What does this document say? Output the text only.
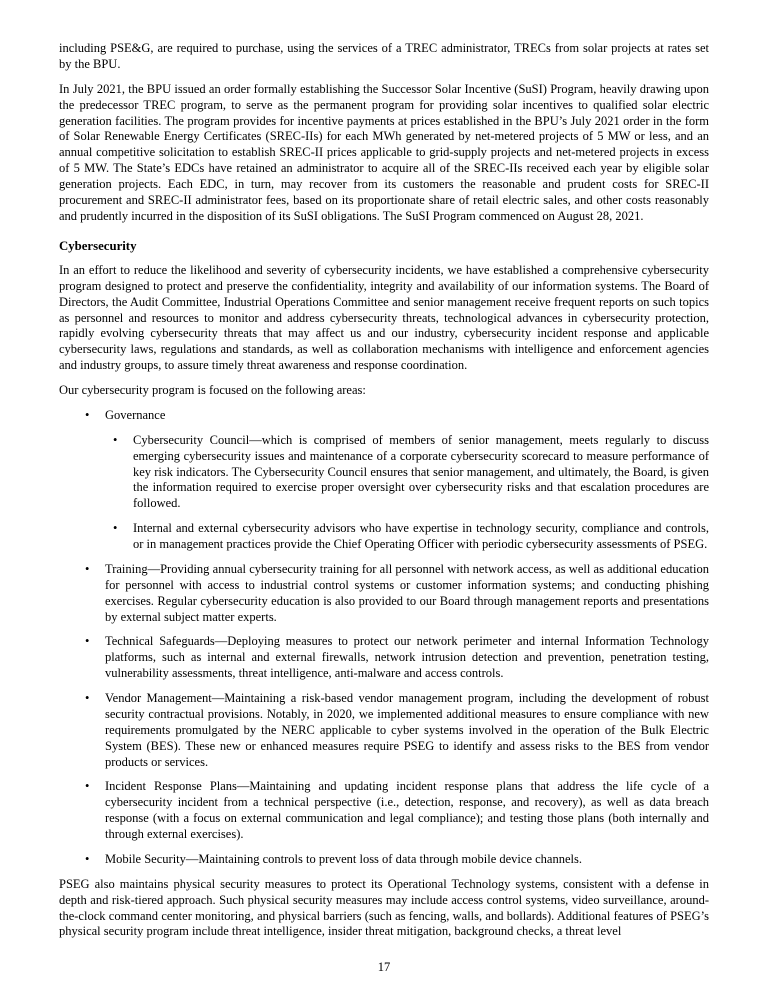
including PSE&G, are required to purchase, using the services of a TREC administrator, TRECs from solar projects at rates set by the BPU.

In July 2021, the BPU issued an order formally establishing the Successor Solar Incentive (SuSI) Program, heavily drawing upon the predecessor TREC program, to serve as the permanent program for providing solar incentives to qualified solar electric generation facilities. The program provides for incentive payments at prices established in the BPU’s July 2021 order in the form of Solar Renewable Energy Certificates (SREC-IIs) for each MWh generated by net-metered projects of 5 MW or less, and an annual competitive solicitation to establish SREC-II prices applicable to grid-supply projects and net-metered projects in excess of 5 MW. The State’s EDCs have retained an administrator to acquire all of the SREC-IIs received each year by eligible solar generation projects. Each EDC, in turn, may recover from its customers the reasonable and prudent costs for SREC-II procurement and SREC-II administrator fees, based on its proportionate share of retail electric sales, and other costs reasonably and prudently incurred in the disposition of its SuSI obligations. The SuSI Program commenced on August 28, 2021.

Cybersecurity

In an effort to reduce the likelihood and severity of cybersecurity incidents, we have established a comprehensive cybersecurity program designed to protect and preserve the confidentiality, integrity and availability of our information systems. The Board of Directors, the Audit Committee, Industrial Operations Committee and senior management receive frequent reports on such topics as personnel and resources to monitor and address cybersecurity threats, technological advances in cybersecurity protection, rapidly evolving cybersecurity threats that may affect us and our industry, cybersecurity incident response and applicable cybersecurity laws, regulations and standards, as well as collaboration mechanisms with intelligence and enforcement agencies and industry groups, to assure timely threat awareness and response coordination.

Our cybersecurity program is focused on the following areas:

•	Governance

•	Cybersecurity Council—which is comprised of members of senior management, meets regularly to discuss emerging cybersecurity issues and maintenance of a corporate cybersecurity scorecard to measure performance of key risk indicators. The Cybersecurity Council ensures that senior management, and ultimately, the Board, is given the information required to exercise proper oversight over cybersecurity risks and that escalation procedures are followed.

•	Internal and external cybersecurity advisors who have expertise in technology security, compliance and controls, or in management practices provide the Chief Operating Officer with periodic cybersecurity assessments of PSEG.

•	Training—Providing annual cybersecurity training for all personnel with network access, as well as additional education for personnel with access to industrial control systems or customer information systems; and conducting phishing exercises. Regular cybersecurity education is also provided to our Board through management reports and presentations by external subject matter experts.

•	Technical Safeguards—Deploying measures to protect our network perimeter and internal Information Technology platforms, such as internal and external firewalls, network intrusion detection and prevention, penetration testing, vulnerability assessments, threat intelligence, anti-malware and access controls.

•	Vendor Management—Maintaining a risk-based vendor management program, including the development of robust security contractual provisions. Notably, in 2020, we implemented additional measures to ensure compliance with new requirements promulgated by the NERC applicable to cyber systems involved in the operation of the Bulk Electric System (BES). These new or enhanced measures require PSEG to identify and assess risks to the BES from vendor products or services.

•	Incident Response Plans—Maintaining and updating incident response plans that address the life cycle of a cybersecurity incident from a technical perspective (i.e., detection, response, and recovery), as well as data breach response (with a focus on external communication and legal compliance); and testing those plans (both internally and through external exercises).

•	Mobile Security—Maintaining controls to prevent loss of data through mobile device channels.

PSEG also maintains physical security measures to protect its Operational Technology systems, consistent with a defense in depth and risk-tiered approach. Such physical security measures may include access control systems, video surveillance, around-the-clock command center monitoring, and physical barriers (such as fencing, walls, and bollards). Additional features of PSEG’s physical security program include threat intelligence, insider threat mitigation, background checks, a threat level

17
